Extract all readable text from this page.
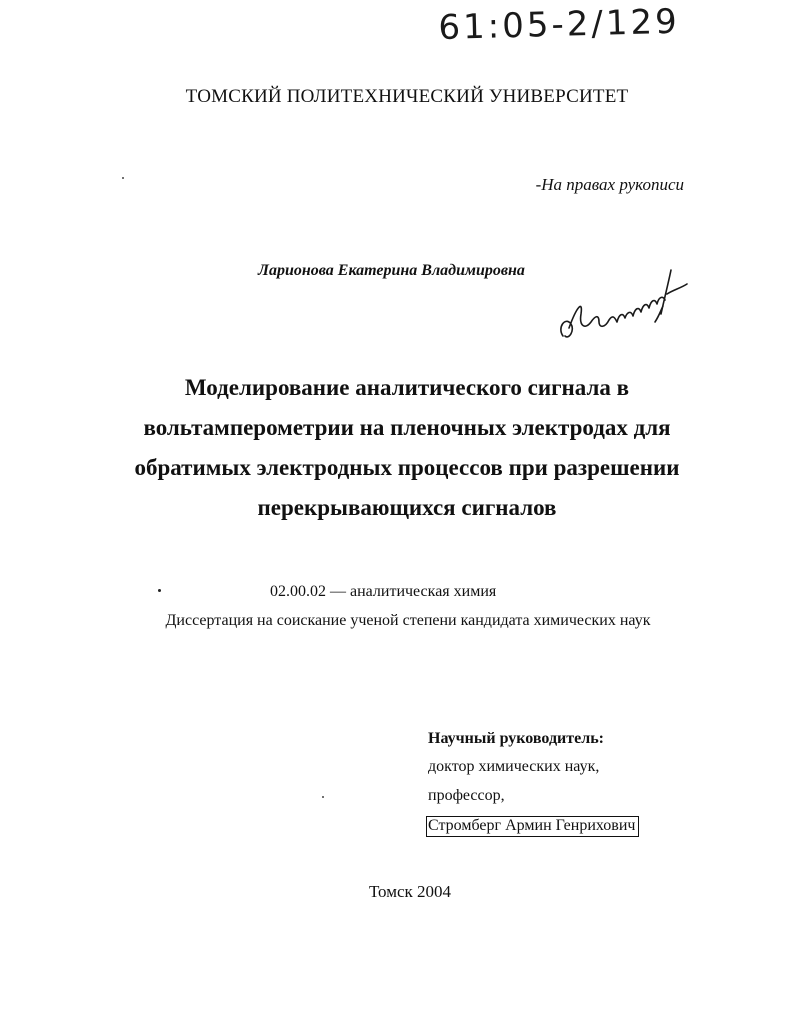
61:05-2/129
ТОМСКИЙ ПОЛИТЕХНИЧЕСКИЙ УНИВЕРСИТЕТ
-На правах рукописи
Ларионова Екатерина Владимировна
Моделирование аналитического сигнала в
вольтамперометрии на пленочных электродах для
обратимых электродных процессов при разрешении
перекрывающихся сигналов
02.00.02 — аналитическая химия
Диссертация на соискание ученой степени кандидата химических наук
Научный руководитель:
доктор химических наук,
профессор,
Стромберг Армин Генрихович
Томск 2004
